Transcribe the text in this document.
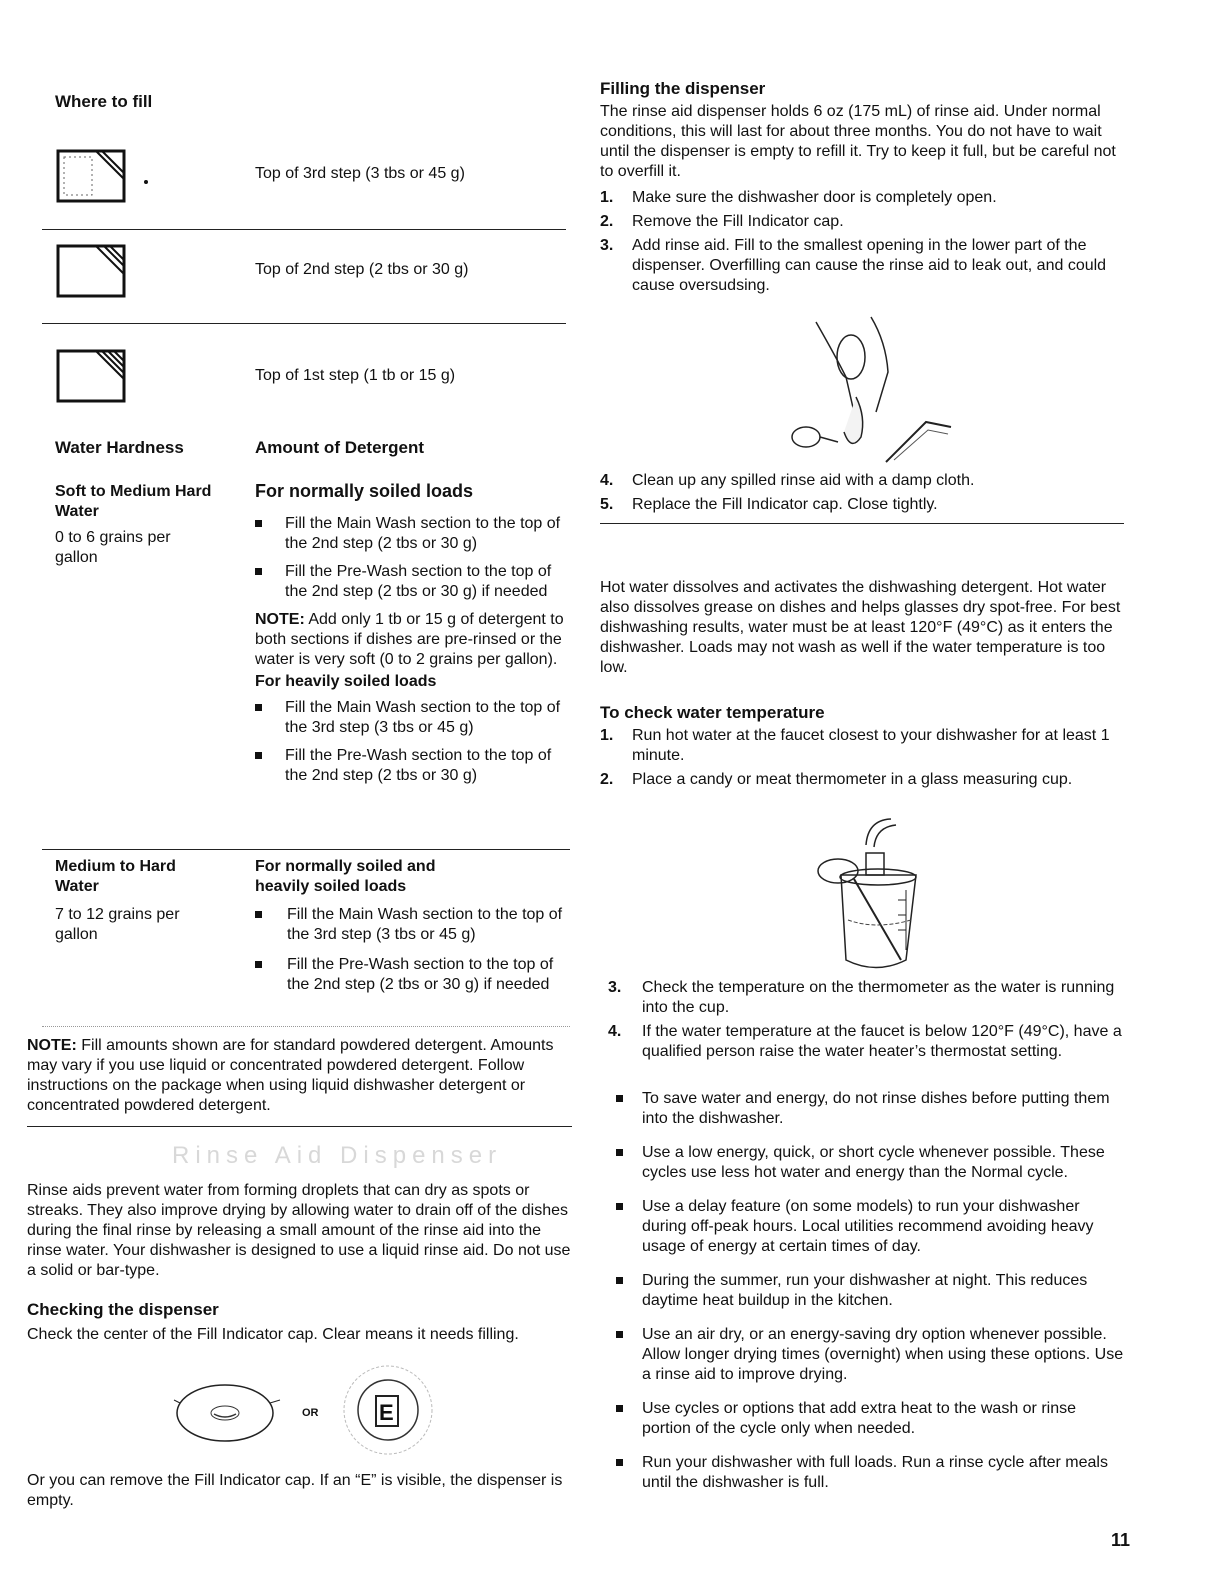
Where to fill
Top of 3rd step (3 tbs or 45 g)
Top of 2nd step (2 tbs or 30 g)
Top of 1st step (1 tb or 15 g)
Water Hardness	Amount of Detergent
Soft to Medium Hard Water
0 to 6 grains per gallon
For normally soiled loads
Fill the Main Wash section to the top of the 2nd step (2 tbs or 30 g)
Fill the Pre-Wash section to the top of the 2nd step (2 tbs or 30 g) if needed
NOTE: Add only 1 tb or 15 g of detergent to both sections if dishes are pre-rinsed or the water is very soft (0 to 2 grains per gallon).
For heavily soiled loads
Fill the Main Wash section to the top of the 3rd step (3 tbs or 45 g)
Fill the Pre-Wash section to the top of the 2nd step (2 tbs or 30 g)
Medium to Hard Water
7 to 12 grains per gallon
For normally soiled and heavily soiled loads
Fill the Main Wash section to the top of the 3rd step (3 tbs or 45 g)
Fill the Pre-Wash section to the top of the 2nd step (2 tbs or 30 g) if needed
NOTE: Fill amounts shown are for standard powdered detergent. Amounts may vary if you use liquid or concentrated powdered detergent. Follow instructions on the package when using liquid dishwasher detergent or concentrated powdered detergent.
Rinse Aid Dispenser
Rinse aids prevent water from forming droplets that can dry as spots or streaks. They also improve drying by allowing water to drain off of the dishes during the final rinse by releasing a small amount of the rinse aid into the rinse water. Your dishwasher is designed to use a liquid rinse aid. Do not use a solid or bar-type.
Checking the dispenser
Check the center of the Fill Indicator cap. Clear means it needs filling.
OR	E
Or you can remove the Fill Indicator cap. If an “E” is visible, the dispenser is empty.
Filling the dispenser
The rinse aid dispenser holds 6 oz (175 mL) of rinse aid. Under normal conditions, this will last for about three months. You do not have to wait until the dispenser is empty to refill it. Try to keep it full, but be careful not to overfill it.
1. Make sure the dishwasher door is completely open.
2. Remove the Fill Indicator cap.
3. Add rinse aid. Fill to the smallest opening in the lower part of the dispenser. Overfilling can cause the rinse aid to leak out, and could cause oversudsing.
4. Clean up any spilled rinse aid with a damp cloth.
5. Replace the Fill Indicator cap. Close tightly.
Hot water dissolves and activates the dishwashing detergent. Hot water also dissolves grease on dishes and helps glasses dry spot-free. For best dishwashing results, water must be at least 120°F (49°C) as it enters the dishwasher. Loads may not wash as well if the water temperature is too low.
To check water temperature
1. Run hot water at the faucet closest to your dishwasher for at least 1 minute.
2. Place a candy or meat thermometer in a glass measuring cup.
3. Check the temperature on the thermometer as the water is running into the cup.
4. If the water temperature at the faucet is below 120°F (49°C), have a qualified person raise the water heater’s thermostat setting.
To save water and energy, do not rinse dishes before putting them into the dishwasher.
Use a low energy, quick, or short cycle whenever possible. These cycles use less hot water and energy than the Normal cycle.
Use a delay feature (on some models) to run your dishwasher during off-peak hours. Local utilities recommend avoiding heavy usage of energy at certain times of day.
During the summer, run your dishwasher at night. This reduces daytime heat buildup in the kitchen.
Use an air dry, or an energy-saving dry option whenever possible. Allow longer drying times (overnight) when using these options. Use a rinse aid to improve drying.
Use cycles or options that add extra heat to the wash or rinse portion of the cycle only when needed.
Run your dishwasher with full loads. Run a rinse cycle after meals until the dishwasher is full.
11
